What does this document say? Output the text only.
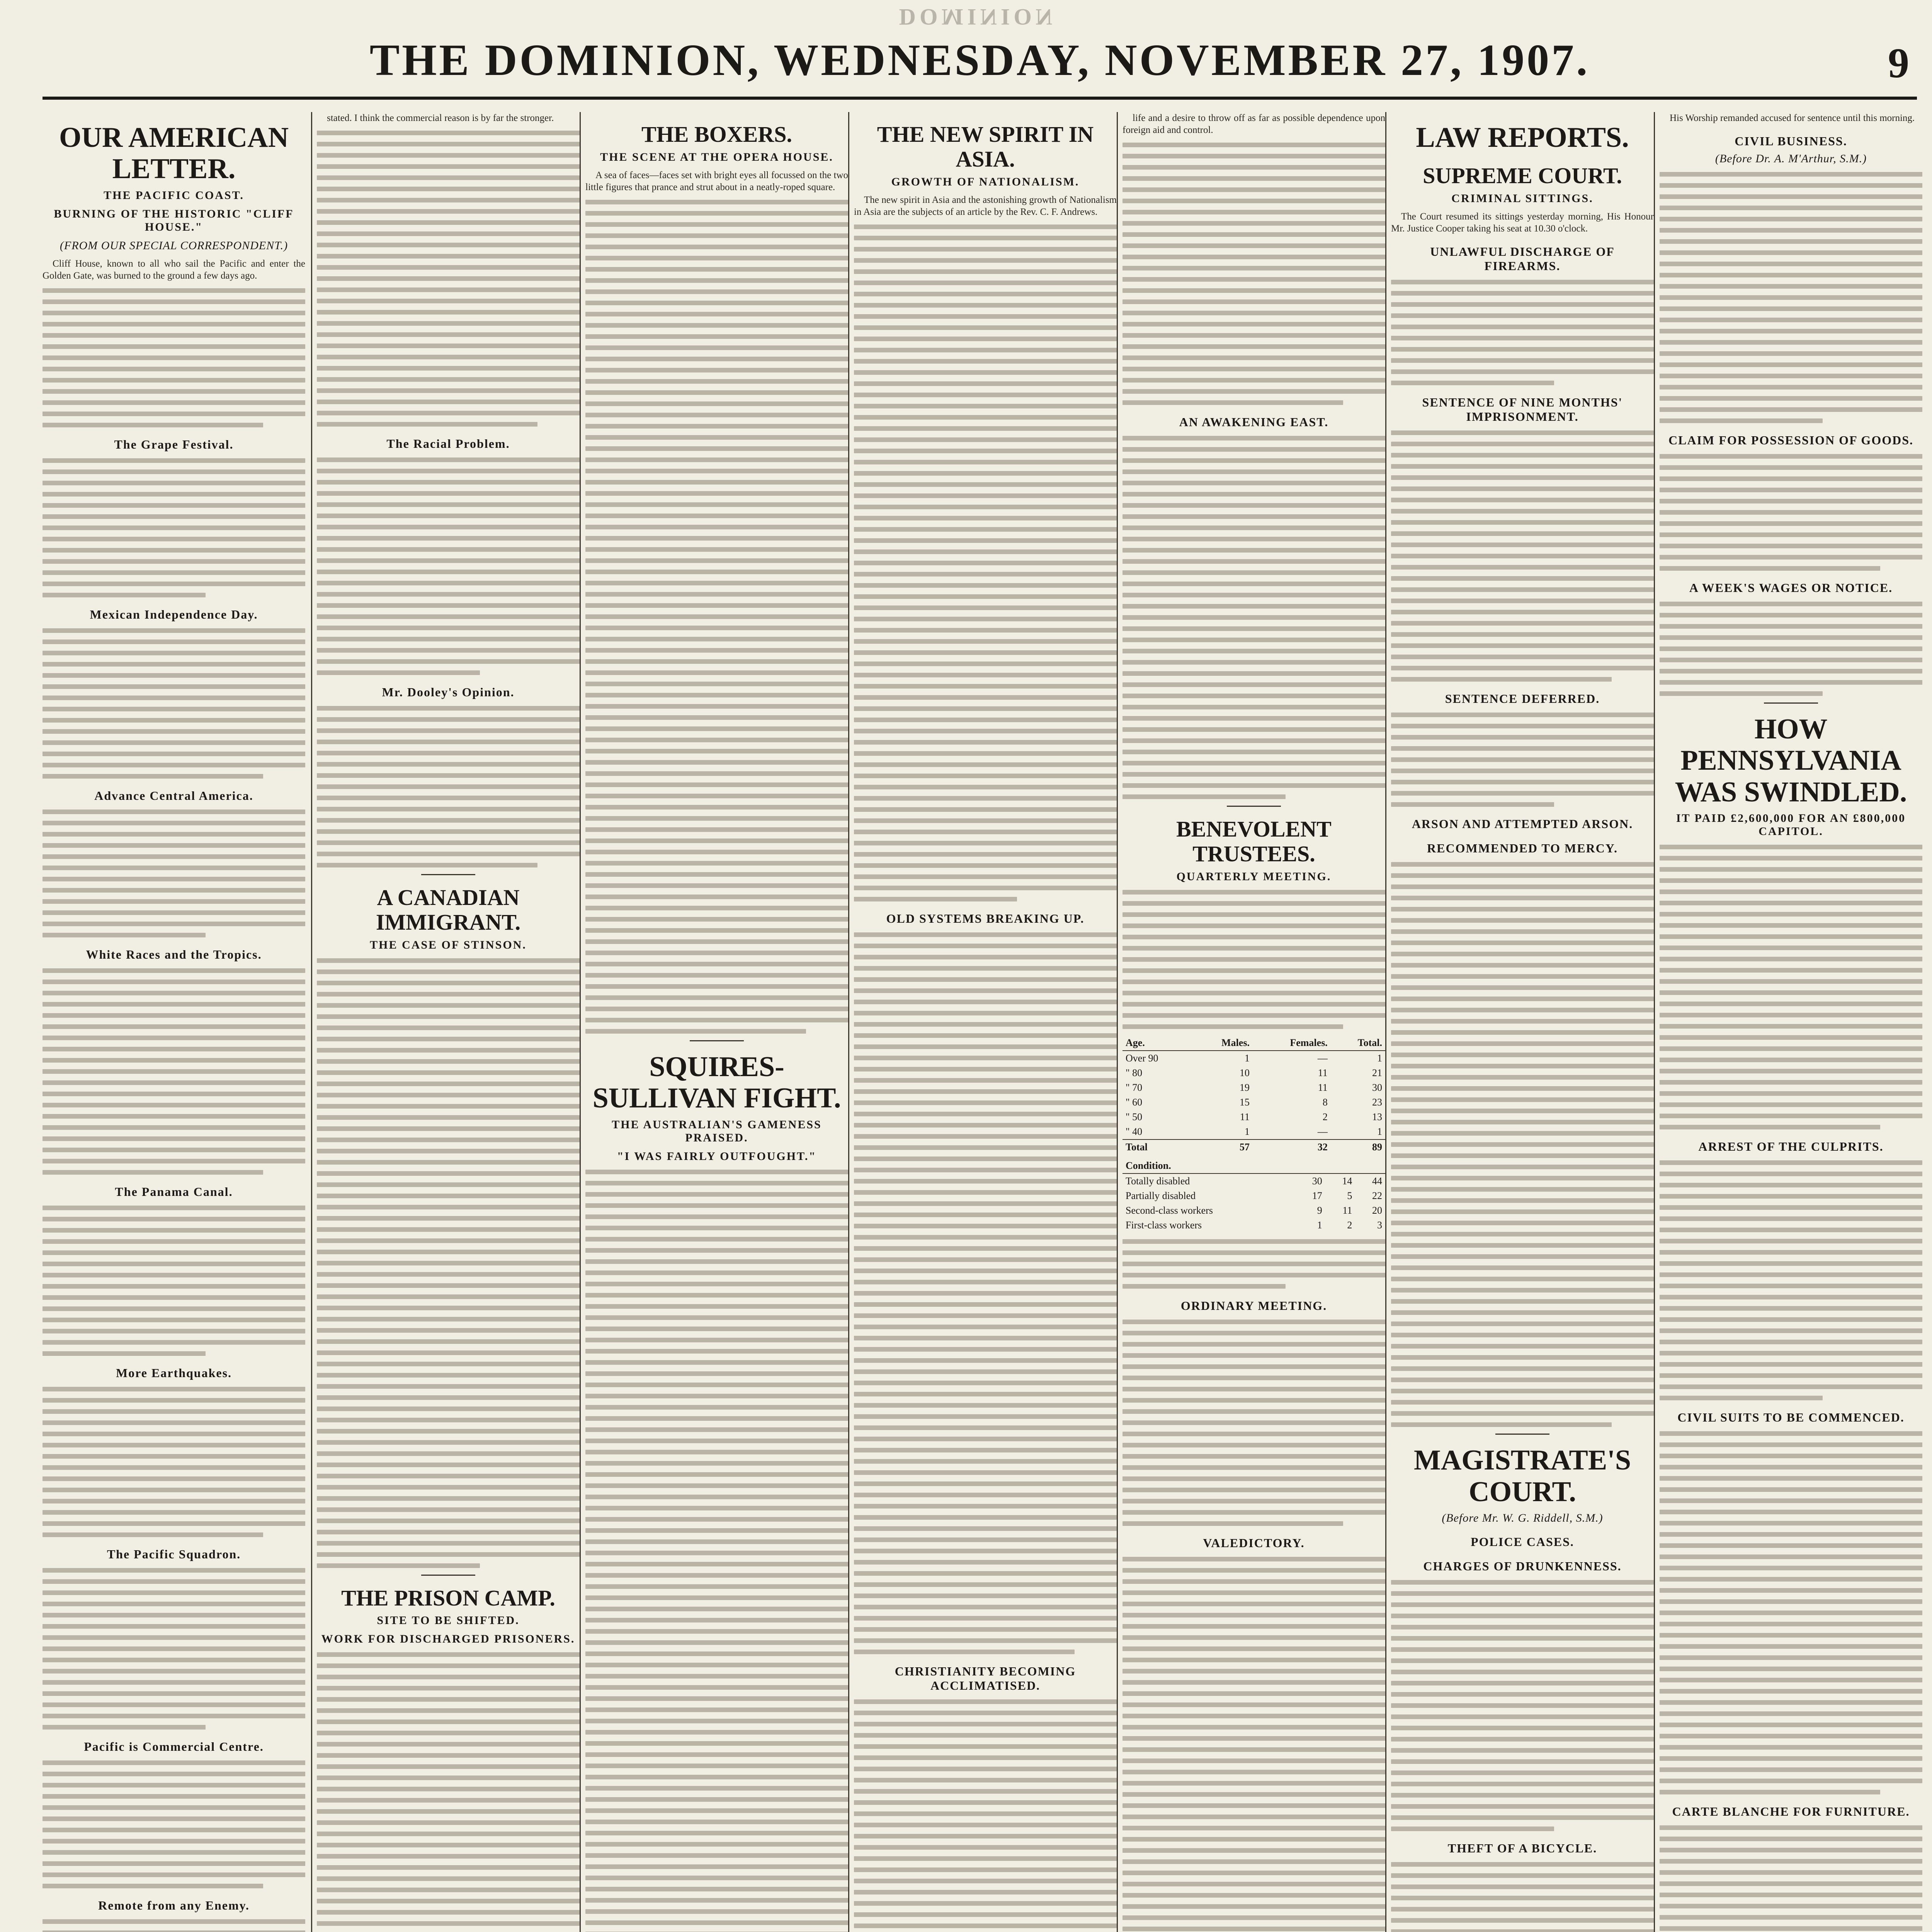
DOMINION
THE DOMINION, WEDNESDAY, NOVEMBER 27, 1907.	9
OUR AMERICAN LETTER.
THE PACIFIC COAST.
BURNING OF THE HISTORIC "CLIFF HOUSE."
(FROM OUR SPECIAL CORRESPONDENT.)

Cliff House, known to all who sail the Pacific and enter the Golden Gate, was burned to the ground a few days ago.

The Grape Festival.
Mexican Independence Day.
Advance Central America.
White Races and the Tropics.
The Panama Canal.
More Earthquakes.
The Pacific Squadron.
Pacific is Commercial Centre.
Remote from any Enemy.

stated. I think the commercial reason is by far the stronger.

The Racial Problem.
Mr. Dooley's Opinion.
A CANADIAN IMMIGRANT.
THE CASE OF STINSON.
THE PRISON CAMP.
SITE TO BE SHIFTED.
WORK FOR DISCHARGED PRISONERS.
THE BOXERS.
THE SCENE AT THE OPERA HOUSE.

A sea of faces—faces set with bright eyes all focussed on the two little figures that prance and strut about in a neatly-roped square.

SQUIRES-SULLIVAN FIGHT.
THE AUSTRALIAN'S GAMENESS PRAISED.
"I WAS FAIRLY OUTFOUGHT."
THE NEW SPIRIT IN ASIA.
GROWTH OF NATIONALISM.

The new spirit in Asia and the astonishing growth of Nationalism in Asia are the subjects of an article by the Rev. C. F. Andrews.

OLD SYSTEMS BREAKING UP.
CHRISTIANITY BECOMING ACCLIMATISED.

life and a desire to throw off as far as possible dependence upon foreign aid and control.

AN AWAKENING EAST.
BENEVOLENT TRUSTEES.
QUARTERLY MEETING.
Age.	Males.	Females.	Total.
Over 90	1	—	1
" 80	10	11	21
" 70	19	11	30
" 60	15	8	23
" 50	11	2	13
" 40	1	—	1
Total	57	32	89
Condition.			
Totally disabled	30	14	44
Partially disabled	17	5	22
Second-class workers	9	11	20
First-class workers	1	2	3
ORDINARY MEETING.
VALEDICTORY.
LAW REPORTS.
SUPREME COURT.
CRIMINAL SITTINGS.

The Court resumed its sittings yesterday morning, His Honour Mr. Justice Cooper taking his seat at 10.30 o'clock.

UNLAWFUL DISCHARGE OF FIREARMS.
SENTENCE OF NINE MONTHS' IMPRISONMENT.
SENTENCE DEFERRED.
ARSON AND ATTEMPTED ARSON.
RECOMMENDED TO MERCY.
MAGISTRATE'S COURT.
(Before Mr. W. G. Riddell, S.M.)
POLICE CASES.
CHARGES OF DRUNKENNESS.
THEFT OF A BICYCLE.

His Worship remanded accused for sentence until this morning.

CIVIL BUSINESS.
(Before Dr. A. M'Arthur, S.M.)
CLAIM FOR POSSESSION OF GOODS.
A WEEK'S WAGES OR NOTICE.
HOW PENNSYLVANIA WAS SWINDLED.
IT PAID £2,600,000 FOR AN £800,000 CAPITOL.
ARREST OF THE CULPRITS.
CIVIL SUITS TO BE COMMENCED.
CARTE BLANCHE FOR FURNITURE.
